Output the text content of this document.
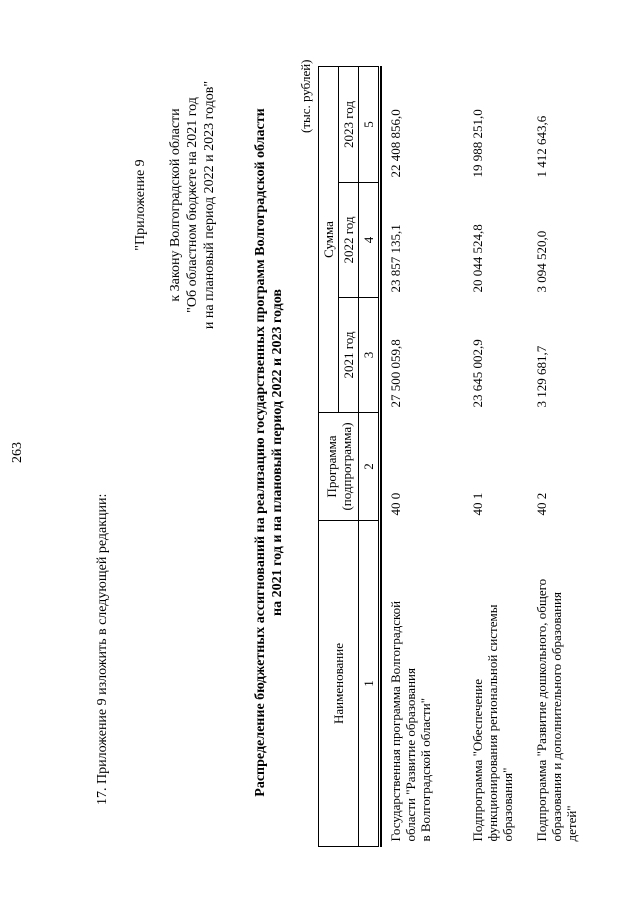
263
17. Приложение 9 изложить в следующей редакции:
"Приложение 9 к Закону Волгоградской области "Об областном бюджете на 2021 год и на плановый период 2022 и 2023 годов"	Распределение бюджетных ассигнований на реализацию государственных программ Волгоградской области на 2021 год и на плановый период 2022 и 2023 годов
(тыс. рублей)
Наименование	Программа (подпрограмма)	Сумма		
		2021 год	2022 год	2023 год
1	2	3	4	5

Государственная программа Волгоградской области "Развитие образования в Волгоградской области"	40 0	27 500 059,8	23 857 135,1	22 408 856,0

Подпрограмма "Обеспечение функционирования региональной системы образования"	40 1	23 645 002,9	20 044 524,8	19 988 251,0

Подпрограмма "Развитие дошкольного, общего образования и дополнительного образования детей"	40 2	3 129 681,7	3 094 520,0	1 412 643,6
